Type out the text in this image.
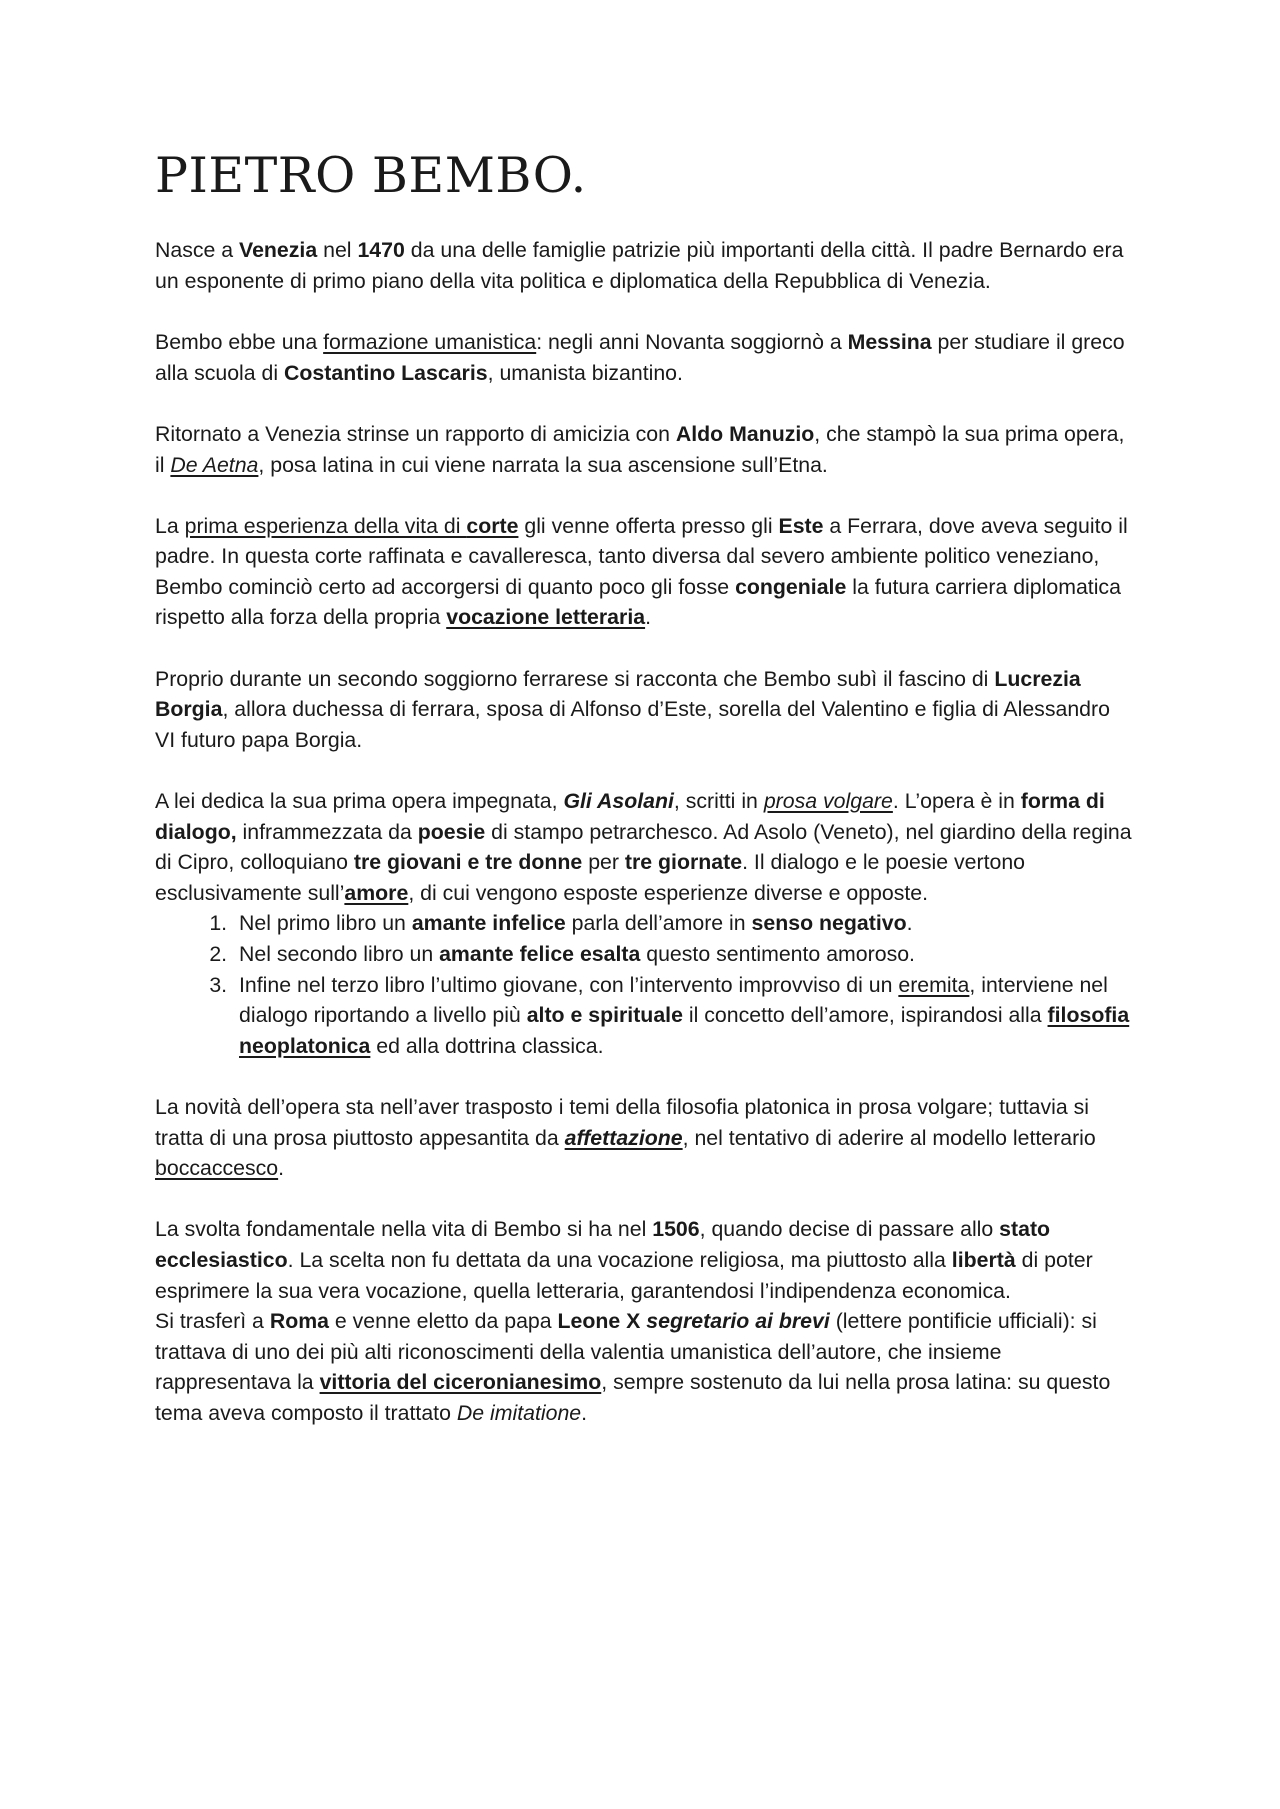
PIETRO BEMBO.

Nasce a Venezia nel 1470 da una delle famiglie patrizie più importanti della città. Il padre Bernardo era un esponente di primo piano della vita politica e diplomatica della Repubblica di Venezia.

Bembo ebbe una formazione umanistica: negli anni Novanta soggiornò a Messina per studiare il greco alla scuola di Costantino Lascaris, umanista bizantino.

Ritornato a Venezia strinse un rapporto di amicizia con Aldo Manuzio, che stampò la sua prima opera, il De Aetna, posa latina in cui viene narrata la sua ascensione sull’Etna.

La prima esperienza della vita di corte gli venne offerta presso gli Este a Ferrara, dove aveva seguito il padre. In questa corte raffinata e cavalleresca, tanto diversa dal severo ambiente politico veneziano, Bembo cominciò certo ad accorgersi di quanto poco gli fosse congeniale la futura carriera diplomatica rispetto alla forza della propria vocazione letteraria.

Proprio durante un secondo soggiorno ferrarese si racconta che Bembo subì il fascino di Lucrezia Borgia, allora duchessa di ferrara, sposa di Alfonso d’Este, sorella del Valentino e figlia di Alessandro VI futuro papa Borgia.

A lei dedica la sua prima opera impegnata, Gli Asolani, scritti in prosa volgare. L’opera è in forma di dialogo, inframmezzata da poesie di stampo petrarchesco. Ad Asolo (Veneto), nel giardino della regina di Cipro, colloquiano tre giovani e tre donne per tre giornate. Il dialogo e le poesie vertono esclusivamente sull’amore, di cui vengono esposte esperienze diverse e opposte.

1. Nel primo libro un amante infelice parla dell’amore in senso negativo.
2. Nel secondo libro un amante felice esalta questo sentimento amoroso.
3. Infine nel terzo libro l’ultimo giovane, con l’intervento improvviso di un eremita, interviene nel dialogo riportando a livello più alto e spirituale il concetto dell’amore, ispirandosi alla filosofia neoplatonica ed alla dottrina classica.

La novità dell’opera sta nell’aver trasposto i temi della filosofia platonica in prosa volgare; tuttavia si tratta di una prosa piuttosto appesantita da affettazione, nel tentativo di aderire al modello letterario boccaccesco.

La svolta fondamentale nella vita di Bembo si ha nel 1506, quando decise di passare allo stato ecclesiastico. La scelta non fu dettata da una vocazione religiosa, ma piuttosto alla libertà di poter esprimere la sua vera vocazione, quella letteraria, garantendosi l’indipendenza economica.
Si trasferì a Roma e venne eletto da papa Leone X segretario ai brevi (lettere pontificie ufficiali): si trattava di uno dei più alti riconoscimenti della valentia umanistica dell’autore, che insieme rappresentava la vittoria del ciceronianesimo, sempre sostenuto da lui nella prosa latina: su questo tema aveva composto il trattato De imitatione.
